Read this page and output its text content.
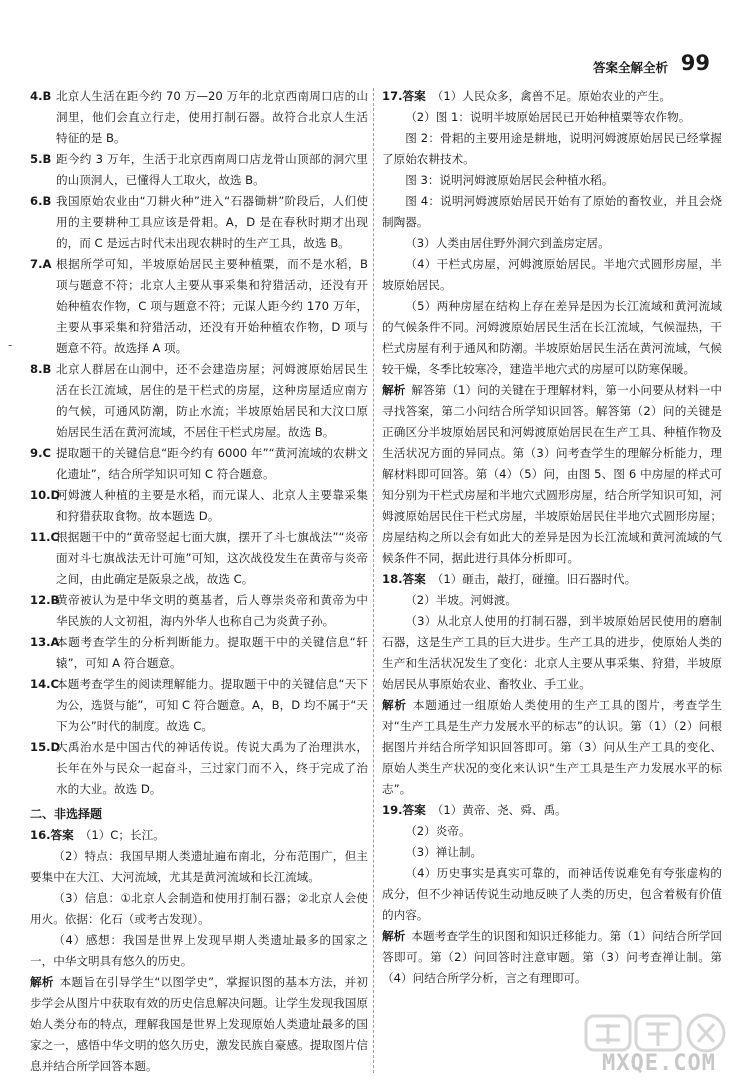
答案全解全析 99
-

4.B 北京人生活在距今约 70 万—20 万年的北京西南周口店的山洞里，他们会直立行走，使用打制石器。故符合北京人生活特征的是 B。

5.B 距今约 3 万年，生活于北京西南周口店龙骨山顶部的洞穴里的山顶洞人，已懂得人工取火，故选 B。

6.B 我国原始农业由“刀耕火种”进入“石器锄耕”阶段后，人们使用的主要耕种工具应该是骨耜。A，D 是在春秋时期才出现的，而 C 是远古时代未出现农耕时的生产工具，故选 B。

7.A 根据所学可知，半坡原始居民主要种植粟，而不是水稻，B 项与题意不符；北京人主要从事采集和狩猎活动，还没有开始种植农作物，C 项与题意不符；元谋人距今约 170 万年，主要从事采集和狩猎活动，还没有开始种植农作物，D 项与题意不符。故选择 A 项。

8.B 北京人群居在山洞中，还不会建造房屋；河姆渡原始居民生活在长江流域，居住的是干栏式的房屋，这种房屋适应南方的气候，可通风防潮，防止水流；半坡原始居民和大汶口原始居民生活在黄河流域，不居住干栏式房屋。故选 B。

9.C 提取题干的关键信息“距今约有 6000 年”“黄河流域的农耕文化遗址”，结合所学知识可知 C 符合题意。

10.D
河姆渡人种植的主要是水稻，而元谋人、北京人主要靠采集和狩猎获取食物。故本题选 D。

11.C
根据题干中的“黄帝竖起七面大旗，摆开了斗七旗战法”“炎帝面对斗七旗战法无计可施”可知，这次战役发生在黄帝与炎帝之间，由此确定是阪泉之战，故选 C。

12.B
黄帝被认为是中华文明的奠基者，后人尊崇炎帝和黄帝为中华民族的人文初祖，海内外华人也称自己为炎黄子孙。

13.A
本题考查学生的分析判断能力。提取题干中的关键信息“轩辕”，可知 A 符合题意。

14.C
本题考查学生的阅读理解能力。提取题干中的关键信息“天下为公，选贤与能”，可知 C 符合题意。A，B，D 均不属于“天下为公”时代的制度。故选 C。

15.D
大禹治水是中国古代的神话传说。传说大禹为了治理洪水，长年在外与民众一起奋斗，三过家门而不入，终于完成了治水的大业。故选 D。

二、非选择题

16.答案 （1）C；长江。

（2）特点：我国早期人类遗址遍布南北，分布范围广，但主要集中在大江、大河流域，尤其是黄河流域和长江流域。

（3）信息：①北京人会制造和使用打制石器；②北京人会使用火。依据：化石（或考古发现）。

（4）感想：我国是世界上发现早期人类遗址最多的国家之一，中华文明具有悠久的历史。

解析 本题旨在引导学生“以图学史”，掌握识图的基本方法，并初步学会从图片中获取有效的历史信息解决问题。让学生发现我国原始人类分布的特点，理解我国是世界上发现原始人类遗址最多的国家之一，感悟中华文明的悠久历史，激发民族自豪感。提取图片信息并结合所学回答本题。

17.答案 （1）人民众多，禽兽不足。原始农业的产生。

（2）图 1：说明半坡原始居民已开始种植粟等农作物。

图 2：骨耜的主要用途是耕地，说明河姆渡原始居民已经掌握了原始农耕技术。

图 3：说明河姆渡原始居民会种植水稻。

图 4：说明河姆渡原始居民开始有了原始的畜牧业，并且会烧制陶器。

（3）人类由居住野外洞穴到盖房定居。

（4）干栏式房屋，河姆渡原始居民。半地穴式圆形房屋，半坡原始居民。

（5）两种房屋在结构上存在差异是因为长江流域和黄河流域的气候条件不同。河姆渡原始居民生活在长江流域，气候湿热，干栏式房屋有利于通风和防潮。半坡原始居民生活在黄河流域，气候较干燥，冬季比较寒冷，建造半地穴式的房屋可以防寒保暖。

解析 解答第（1）问的关键在于理解材料，第一小问要从材料一中寻找答案，第二小问结合所学知识回答。解答第（2）问的关键是正确区分半坡原始居民和河姆渡原始居民在生产工具、种植作物及生活状况方面的异同点。第（3）问考查学生的理解分析能力，理解材料即可回答。第（4）（5）问，由图 5、图 6 中房屋的样式可知分别为干栏式房屋和半地穴式圆形房屋，结合所学知识可知，河姆渡原始居民住干栏式房屋，半坡原始居民住半地穴式圆形房屋；房屋结构之所以会有如此大的差异是因为长江流域和黄河流域的气候条件不同，据此进行具体分析即可。

18.答案 （1）砸击，敲打，碰撞。旧石器时代。

（2）半坡。河姆渡。

（3）从北京人使用的打制石器，到半坡原始居民使用的磨制石器，这是生产工具的巨大进步。生产工具的进步，使原始人类的生产和生活状况发生了变化：北京人主要从事采集、狩猎，半坡原始居民从事原始农业、畜牧业、手工业。

解析 本题通过一组原始人类使用的生产工具的图片，考查学生对“生产工具是生产力发展水平的标志”的认识。第（1）（2）问根据图片并结合所学知识回答即可。第（3）问从生产工具的变化、原始人类生产状况的变化来认识“生产工具是生产力发展水平的标志”。

19.答案 （1）黄帝、尧、舜、禹。

（2）炎帝。

（3）禅让制。

（4）历史事实是真实可靠的，而神话传说难免有夸张虚构的成分，但不少神话传说生动地反映了人类的历史，包含着极有价值的内容。

解析 本题考查学生的识图和知识迁移能力。第（1）问结合所学回答即可。第（2）问回答时注意审题。第（3）问考查禅让制。第（4）问结合所学分析，言之有理即可。

MXQE.COM
